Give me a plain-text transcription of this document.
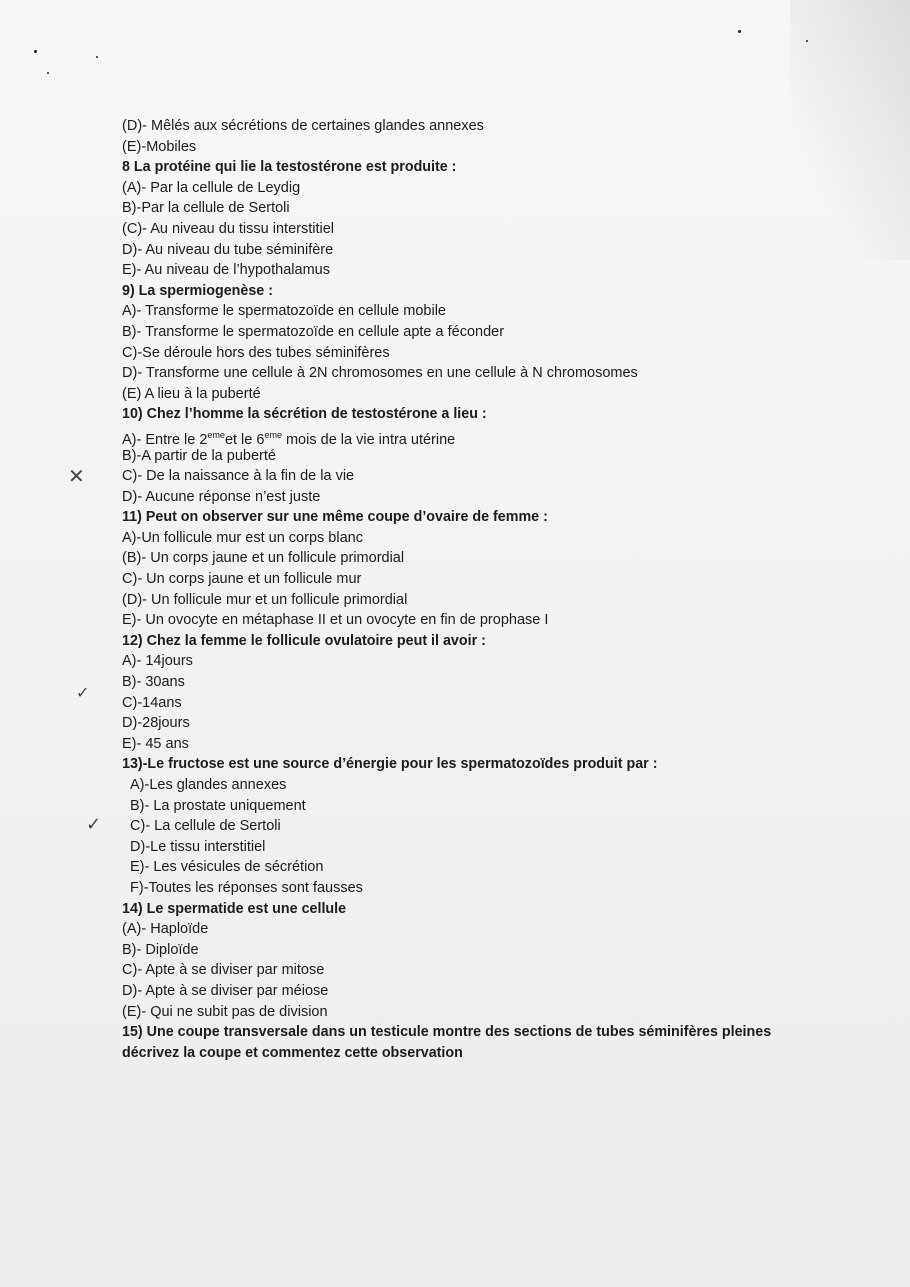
(D)- Mêlés aux sécrétions de certaines glandes annexes
(E)-Mobiles
8 La protéine qui lie la testostérone est produite :
(A)- Par la cellule de Leydig
B)-Par la cellule de Sertoli
(C)- Au niveau du tissu interstitiel
D)- Au niveau du tube séminifère
E)- Au niveau de l’hypothalamus
9) La spermiogenèse :
A)- Transforme le spermatozoïde en cellule mobile
B)- Transforme le spermatozoïde en cellule apte a féconder
C)-Se déroule hors des tubes séminifères
D)- Transforme une cellule à 2N chromosomes en une cellule à N chromosomes
(E) A lieu à la puberté
10) Chez l’homme la sécrétion de testostérone a lieu :
A)- Entre le 2emeet le 6eme mois de la vie intra utérine
B)-A partir de la puberté
C)- De la naissance à la fin de la vie
D)- Aucune réponse n’est juste
11) Peut on observer sur une même coupe d’ovaire de femme :
A)-Un follicule mur est un corps blanc
(B)- Un corps jaune et un follicule primordial
C)- Un corps jaune et un follicule mur
(D)- Un follicule mur et un follicule primordial
E)- Un ovocyte en métaphase II et un ovocyte en fin de prophase I
12) Chez la femme le follicule ovulatoire peut il avoir :
A)- 14jours
B)- 30ans
C)-14ans
D)-28jours
E)- 45 ans
13)-Le fructose est une source d’énergie pour les spermatozoïdes produit par :
A)-Les glandes annexes
B)- La prostate uniquement
C)- La cellule de Sertoli
D)-Le tissu interstitiel
E)- Les vésicules de sécrétion
F)-Toutes les réponses sont fausses
14) Le spermatide est une cellule
(A)- Haploïde
B)- Diploïde
C)- Apte à se diviser par mitose
D)- Apte à se diviser par méiose
(E)- Qui ne subit pas de division
15) Une coupe transversale dans un testicule montre des sections de tubes séminifères pleines décrivez la coupe et commentez cette observation
✕
✓
✓
